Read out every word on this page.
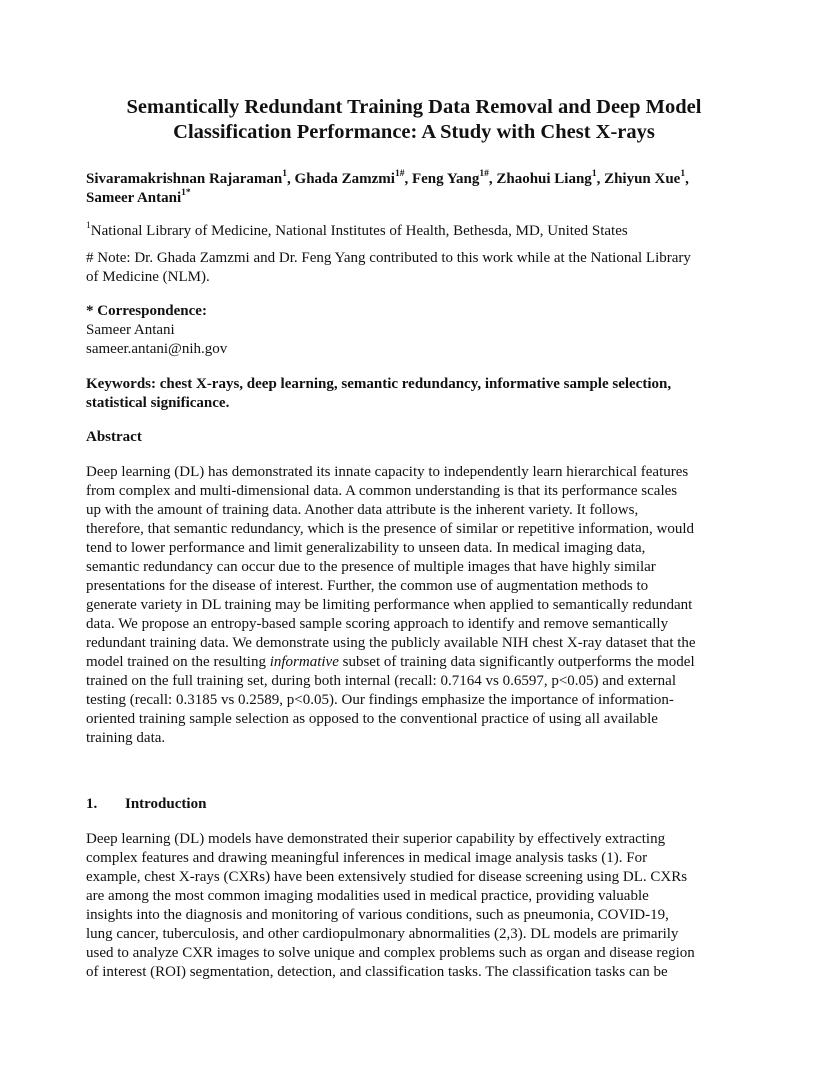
Semantically Redundant Training Data Removal and Deep Model
Classification Performance: A Study with Chest X-rays
Sivaramakrishnan Rajaraman$^1$, Ghada Zamzmi$^{1\#}$, Feng Yang$^{1\#}$, Zhaohui Liang$^1$, Zhiyun Xue$^1$,
Sameer Antani$^{1*}$
$^1$National Library of Medicine, National Institutes of Health, Bethesda, MD, United States
# Note: Dr. Ghada Zamzmi and Dr. Feng Yang contributed to this work while at the National Library
of Medicine (NLM).
* Correspondence:
Sameer Antani
sameer.antani@nih.gov
Keywords: chest X-rays, deep learning, semantic redundancy, informative sample selection,
statistical significance.
Abstract
Deep learning (DL) has demonstrated its innate capacity to independently learn hierarchical features
from complex and multi-dimensional data. A common understanding is that its performance scales
up with the amount of training data. Another data attribute is the inherent variety. It follows,
therefore, that semantic redundancy, which is the presence of similar or repetitive information, would
tend to lower performance and limit generalizability to unseen data. In medical imaging data,
semantic redundancy can occur due to the presence of multiple images that have highly similar
presentations for the disease of interest. Further, the common use of augmentation methods to
generate variety in DL training may be limiting performance when applied to semantically redundant
data. We propose an entropy-based sample scoring approach to identify and remove semantically
redundant training data. We demonstrate using the publicly available NIH chest X-ray dataset that the
model trained on the resulting informative subset of training data significantly outperforms the model
trained on the full training set, during both internal (recall: 0.7164 vs 0.6597, p<0.05) and external
testing (recall: 0.3185 vs 0.2589, p<0.05). Our findings emphasize the importance of information-
oriented training sample selection as opposed to the conventional practice of using all available
training data.
1. Introduction
Deep learning (DL) models have demonstrated their superior capability by effectively extracting
complex features and drawing meaningful inferences in medical image analysis tasks (1). For
example, chest X-rays (CXRs) have been extensively studied for disease screening using DL. CXRs
are among the most common imaging modalities used in medical practice, providing valuable
insights into the diagnosis and monitoring of various conditions, such as pneumonia, COVID-19,
lung cancer, tuberculosis, and other cardiopulmonary abnormalities (2,3). DL models are primarily
used to analyze CXR images to solve unique and complex problems such as organ and disease region
of interest (ROI) segmentation, detection, and classification tasks. The classification tasks can be
